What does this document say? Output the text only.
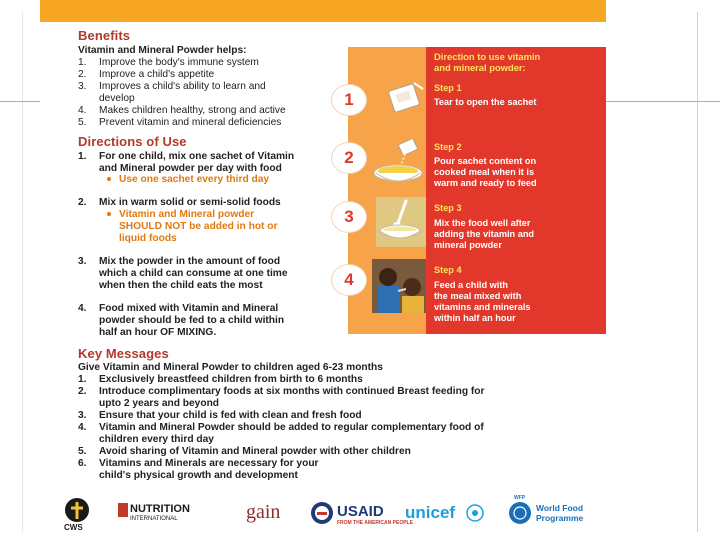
Benefits
Vitamin and Mineral Powder helps:
1. Improve the body's immune system
2. Improve a child's appetite
3. Improves a child's ability to learn and
develop
4. Makes children healthy, strong and active
5. Prevent vitamin and mineral deficiencies
Directions of Use
1. For one child, mix one sachet of Vitamin
and Mineral powder per day with food
Use one sachet every third day
2. Mix in warm solid or semi-solid foods
Vitamin and Mineral powder
SHOULD NOT be added in hot or
liquid foods
3. Mix the powder in the amount of food
which a child can consume at one time
when then the child eats the most
4. Food mixed with Vitamin and Mineral
powder should be fed to a child within
half an hour OF MIXING.
Direction to use vitamin
and mineral powder:
1
Step 1
Tear to open the sachet
2
Step 2
Pour sachet content on
cooked meal when it is
warm and ready to feed
3	Step 3
Mix the food well after
adding the vitamin and
mineral powder
4	Step 4
Feed a child with
the meal mixed with
vitamins and minerals
within half an hour
Key Messages
Give Vitamin and Mineral Powder to children aged 6-23 months
1. Exclusively breastfeed children from birth to 6 months
2. Introduce complimentary foods at six months with continued Breast feeding for
upto 2 years and beyond
3. Ensure that your child is fed with clean and fresh food
4. Vitamin and Mineral Powder should be added to regular complementary food of
children every third day
5. Avoid sharing of Vitamin and Mineral powder with other children
6. Vitamins and Minerals are necessary for your
child's physical growth and development
CWS
NUTRITION
INTERNATIONAL	gain	USAID
FROM THE AMERICAN PEOPLE
unicef
WFP
World Food
Programme
